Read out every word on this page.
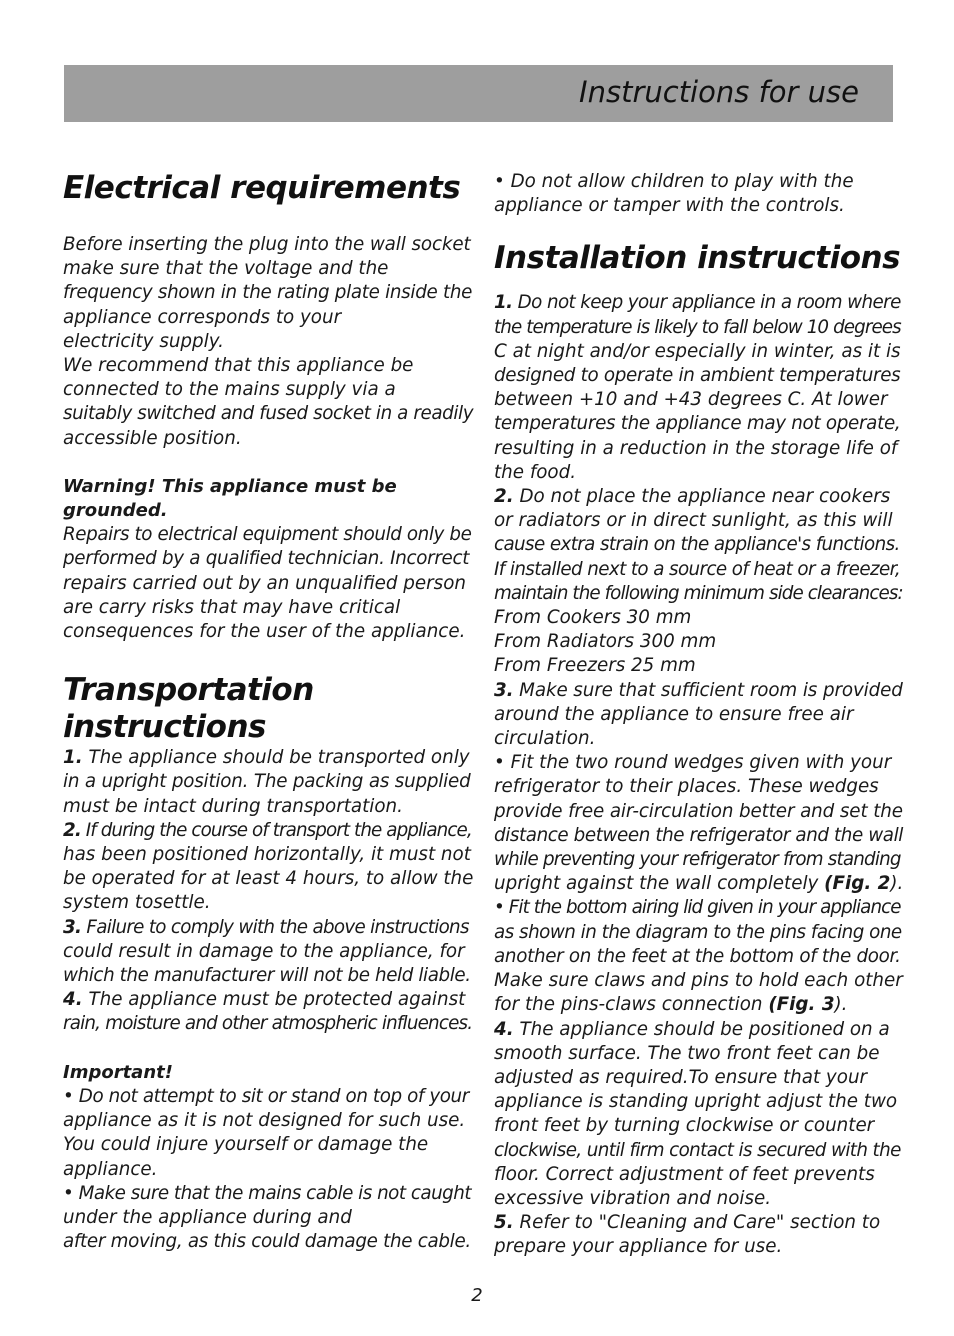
Instructions for use
Electrical requirements
Before inserting the plug into the wall socket
make sure that the voltage and the
frequency shown in the rating plate inside the
appliance corresponds to your
electricity supply.
We recommend that this appliance be
connected to the mains supply via a
suitably switched and fused socket in a readily
accessible position.
Warning! This appliance must be
grounded.
Repairs to electrical equipment should only be
performed by a qualified technician. Incorrect
repairs carried out by an unqualified person
are carry risks that may have critical
consequences for the user of the appliance.
Transportation
instructions
1. The appliance should be transported only
in a upright position. The packing as supplied
must be intact during transportation.
2. If during the course of transport the appliance,
has been positioned horizontally, it must not
be operated for at least 4 hours, to allow the
system tosettle.
3. Failure to comply with the above instructions
could result in damage to the appliance, for
which the manufacturer will not be held liable.
4. The appliance must be protected against
rain, moisture and other atmospheric influences.
Important!
• Do not attempt to sit or stand on top of your
appliance as it is not designed for such use.
You could injure yourself or damage the
appliance.
• Make sure that the mains cable is not caught
under the appliance during and
after moving, as this could damage the cable.
• Do not allow children to play with the
appliance or tamper with the controls.
Installation instructions
1. Do not keep your appliance in a room where
the temperature is likely to fall below 10 degrees
C at night and/or especially in winter, as it is
designed to operate in ambient temperatures
between +10 and +43 degrees C. At lower
temperatures the appliance may not operate,
resulting in a reduction in the storage life of
the food.
2. Do not place the appliance near cookers
or radiators or in direct sunlight, as this will
cause extra strain on the appliance's functions.
If installed next to a source of heat or a freezer,
maintain the following minimum side clearances:
From Cookers 30 mm
From Radiators 300 mm
From Freezers 25 mm
3. Make sure that sufficient room is provided
around the appliance to ensure free air
circulation.
• Fit the two round wedges given with your
refrigerator to their places. These wedges
provide free air-circulation better and set the
distance between the refrigerator and the wall
while preventing your refrigerator from standing
upright against the wall completely (Fig. 2).
• Fit the bottom airing lid given in your appliance
as shown in the diagram to the pins facing one
another on the feet at the bottom of the door.
Make sure claws and pins to hold each other
for the pins-claws connection (Fig. 3).
4. The appliance should be positioned on a
smooth surface. The two front feet can be
adjusted as required.To ensure that your
appliance is standing upright adjust the two
front feet by turning clockwise or counter
clockwise, until firm contact is secured with the
floor. Correct adjustment of feet prevents
excessive vibration and noise.
5. Refer to "Cleaning and Care" section to
prepare your appliance for use.
2
